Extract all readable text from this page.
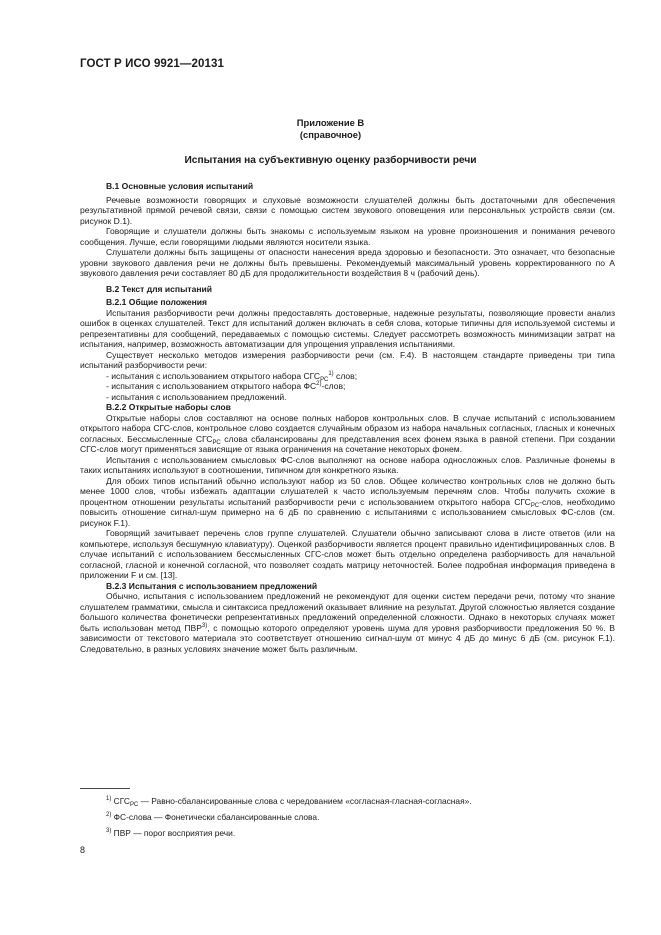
ГОСТ Р ИСО 9921—20131
Приложение В
(справочное)
Испытания на субъективную оценку разборчивости речи
В.1 Основные условия испытаний

Речевые возможности говорящих и слуховые возможности слушателей должны быть достаточными для обеспечения результативной прямой речевой связи, связи с помощью систем звукового оповещения или персональных устройств связи (см. рисунок D.1).

Говорящие и слушатели должны быть знакомы с используемым языком на уровне произношения и понимания речевого сообщения. Лучше, если говорящими людьми являются носители языка.

Слушатели должны быть защищены от опасности нанесения вреда здоровью и безопасности. Это означает, что безопасные уровни звукового давления речи не должны быть превышены. Рекомендуемый максимальный уровень корректированного по А звукового давления речи составляет 80 дБ для продолжительности воздействия 8 ч (рабочий день).

В.2 Текст для испытаний
В.2.1 Общие положения

Испытания разборчивости речи должны предоставлять достоверные, надежные результаты, позволяющие провести анализ ошибок в оценках слушателей. Текст для испытаний должен включать в себя слова, которые типичны для используемой системы и репрезентативны для сообщений, передаваемых с помощью системы. Следует рассмотреть возможность минимизации затрат на испытания, например, возможность автоматизации для упрощения управления испытаниями.

Существует несколько методов измерения разборчивости речи (см. F.4). В настоящем стандарте приведены три типа испытаний разборчивости речи:

- испытания с использованием открытого набора $СГС_{РС}^{1)}$ слов;

- испытания с использованием открытого набора ФС$^{2)}$-слов;

- испытания с использованием предложений.

В.2.2 Открытые наборы слов

Открытые наборы слов составляют на основе полных наборов контрольных слов. В случае испытаний с использованием открытого набора СГС-слов, контрольное слово создается случайным образом из набора начальных согласных, гласных и конечных согласных. Бессмысленные $СГС_{РС}$ слова сбалансированы для представления всех фонем языка в равной степени. При создании СГС-слов могут применяться зависящие от языка ограничения на сочетание некоторых фонем.

Испытания с использованием смысловых ФС-слов выполняют на основе набора односложных слов. Различные фонемы в таких испытаниях используют в соотношении, типичном для конкретного языка.

Для обоих типов испытаний обычно используют набор из 50 слов. Общее количество контрольных слов не должно быть менее 1000 слов, чтобы избежать адаптации слушателей к часто используемым перечням слов. Чтобы получить схожие в процентном отношении результаты испытаний разборчивости речи с использованием открытого набора $СГС_{РС}$-слов, необходимо повысить отношение сигнал-шум примерно на 6 дБ по сравнению с испытаниями с использованием смысловых ФС-слов (см. рисунок F.1).

Говорящий зачитывает перечень слов группе слушателей. Слушатели обычно записывают слова в листе ответов (или на компьютере, используя бесшумную клавиатуру). Оценкой разборчивости является процент правильно идентифицированных слов. В случае испытаний с использованием бессмысленных СГС-слов может быть отдельно определена разборчивость для начальной согласной, гласной и конечной согласной, что позволяет создать матрицу неточностей. Более подробная информация приведена в приложении F и см. [13].

В.2.3 Испытания с использованием предложений

Обычно, испытания с использованием предложений не рекомендуют для оценки систем передачи речи, потому что знание слушателем грамматики, смысла и синтаксиса предложений оказывает влияние на результат. Другой сложностью является создание большого количества фонетически репрезентативных предложений определенной сложности. Однако в некоторых случаях может быть использован метод ПВР$^{3)}$, с помощью которого определяют уровень шума для уровня разборчивости предложения 50 %. В зависимости от текстового материала это соответствует отношению сигнал-шум от минус 4 дБ до минус 6 дБ (см. рисунок F.1). Следовательно, в разных условиях значение может быть различным.

$^{1)}$ $СГС_{РС}$ — Равно-сбалансированные слова с чередованием «согласная-гласная-согласная».

$^{2)}$ ФС-слова — Фонетически сбалансированные слова.

$^{3)}$ ПВР — порог восприятия речи.

8
